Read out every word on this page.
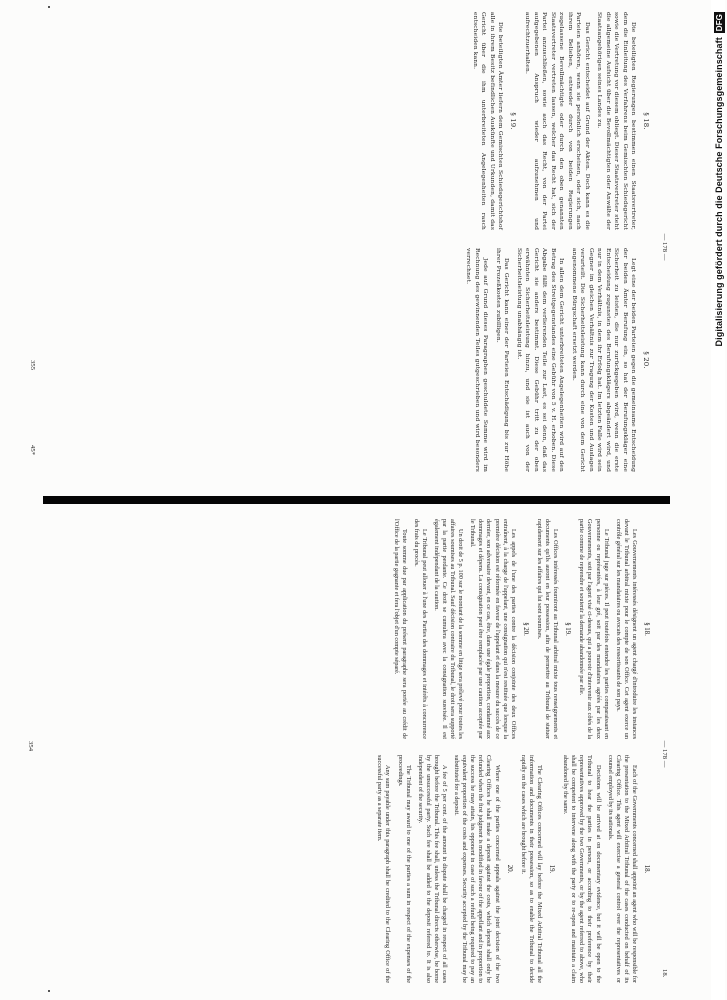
— 178 —
§ 18.

Die beteiligten Regierungen bestimmen einen Staatsvertreter, dem die Einleitung des Verfahrens beim Gemischten Schiedsgericht sowie die Vertretung vor diesem obliegt. Dieser Staatsvertreter steht die allgemeine Aufsicht über die Bevollmächtigten oder Anwälte der Staatsangehörigen seines Landes zu.

Das Gericht entscheidet auf Grund der Akten. Doch kann es die Parteien anhören, wenn sie persönlich erscheinen, oder sich, nach ihrem Belieben, entweder durch von beiden Regierungen zugelassene Bevollmächtigte oder durch den oben genannten Staatsvertreter vertreten lassen, welcher das Recht hat, sich der Partei anzuschließen, sowie auch das Recht, von der Partei aufgegebenen Anspruch wieder aufzunehmen und aufrechtzuerhalten.

§ 19.

Die beteiligten Ämter liefern dem Gemischten Schiedsgerichtshof alle in ihrem Besitz befindlichen Auskünfte und Urkunden, damit das Gericht über die ihm unterbreiteten Angelegenheiten rasch entscheiden kann.

§ 20.

Legt eine der beiden Parteien gegen die gemeinsame Entscheidung der beiden Ämter Berufung ein, so hat der Berufungskläger eine Sicherheit zu leisten, die nur zurückgegeben wird, wenn die erste Entscheidung zugunsten des Berufungsklägers abgeändert wird, und nur in dem Verhältnis, in dem ihr Erfolg hat. Im letzten Falle wird sein Gegner im gleichen Verhältnis zur Tragung der Kosten und Auslagen verurteilt. Die Sicherheitsleistung kann durch eine von dem Gericht angenommene Bürgschaft ersetzt werden.

In allen dem Gericht unterbreiteten Angelegenheiten wird auf den Betrag des Streitgegenstandes eine Gebühr von 5 v. H. erhoben. Diese Abgabe fällt dem verlierenden Teile zur Last, es sei denn, daß das Gericht sie anders bestimmt. Diese Gebühr tritt zu der oben erwähnten Sicherheitsleistung hinzu, und sie ist auch von der Sicherheitsleistung unabhängig ist.

Das Gericht kann einer der Parteien Entschädigung bis zur Höhe ihrer Prozeßkosten zubilligen.

Jede auf Grund dieses Paragraphen geschuldete Summe wird im Rechnung des gewinnenden Teiles gutgeschrieben und wird besonders verrechnet.

355
45*
— 178 —
18.
§ 18.

Les Gouvernements intéressés désignent un agent chargé d'introduire les instances devant le Tribunal arbitral mixte pour le compte de son Office. Cet agent exerce un contrôle général sur les mandataires ou avocats des ressortissants de son pays.

Le Tribunal juge sur pièces. Il peut toutefois entendre les parties comparaissant en personne ou représentées, à leur gré, soit par des mandataires agréés par les deux Gouvernements, soit par l'agent visé ci-dessus, qui a pouvoir d'intervenir aux côtés de la partie comme de reprendre et soutenir la demande abandonnée par elle.

§ 19.

Les Offices intéressés fourniront au Tribunal arbitral mixte tous renseignements et documents qu'ils auront en leur possession, afin de permettre au Tribunal de statuer rapidement sur les affaires qui lui sont soumises.

§ 20.

Les appels de l'une des parties contre la décision conjointe des deux Offices entraînent, à la charge de l'appelant, une consignation qui n'est restituée que lorsque la première décision est réformée en faveur de l'appelant et dans la mesure du succès de ce dernier, son adversaire devant, en ce cas, être, dans une égale proportion, condamné aux dommages et dépens. La consignation peut être remplacée par une caution acceptée par le Tribunal.

Un droit de 5 p. 100 sur le montant de la somme en litige sera prélevé pour toutes les affaires soumises au Tribunal. Sauf décision contraire du Tribunal, le droit sera supporté par la partie perdante. Ce droit se cumulera avec la consignation susvisée. Il est également indépendant de la caution.

Le Tribunal peut allouer à l'une des Parties des dommages et intérêts à concurrence des frais du procès.

Toute somme due par application du présent paragraphe sera portée au crédit de l'Office de la partie gagnante et fera l'objet d'un compte séparé.

18.

Each of the Governments concerned shall appoint an agent who will be responsible for the presentation to the Mixed Arbitral Tribunal of the cases conducted on behalf of its Clearing Office. This agent will exercise a general control over the representatives or counsel employed by its nationals.

Decisions will be arrived at on documentary evidence, but it will be open to the Tribunal to hear the parties in person, or according to their preference by their representatives approved by the two Governments, or by the agent referred to above, who shall be competent to intervene along with the party or to re-open and maintain a claim abandoned by the same.

19.

The Clearing Offices concerned will lay before the Mixed Arbitral Tribunal all the information and documents in their possession, so as to enable the Tribunal to decide rapidly on the cases which are brought before it.

20.

Where one of the parties concerned appeals against the joint decision of the two Clearing Offices he shall make a deposit against the costs, which deposit shall only be refunded when the first judgment is modified in favour of the appellant and in proportion to the success he may attain, his opponent in case of such a refund being required to pay an equivalent proportion of the costs and expenses. Security accepted by the Tribunal may be substituted for a deposit.

A fee of 5 per cent. of the amount in dispute shall be charged in respect of all cases brought before the Tribunal. This fee shall, unless the Tribunal directs otherwise, be borne by the unsuccessful party. Such fee shall be added to the deposit referred to. It is also independent of the security.

The Tribunal may award to one of the parties a sum in respect of the expenses of the proceedings.

Any sum payable under this paragraph shall be credited to the Clearing Office of the successful party as a separate item.

354
Digitalisierung gefördert durch die Deutsche Forschungsgemeinschaft
DFG
